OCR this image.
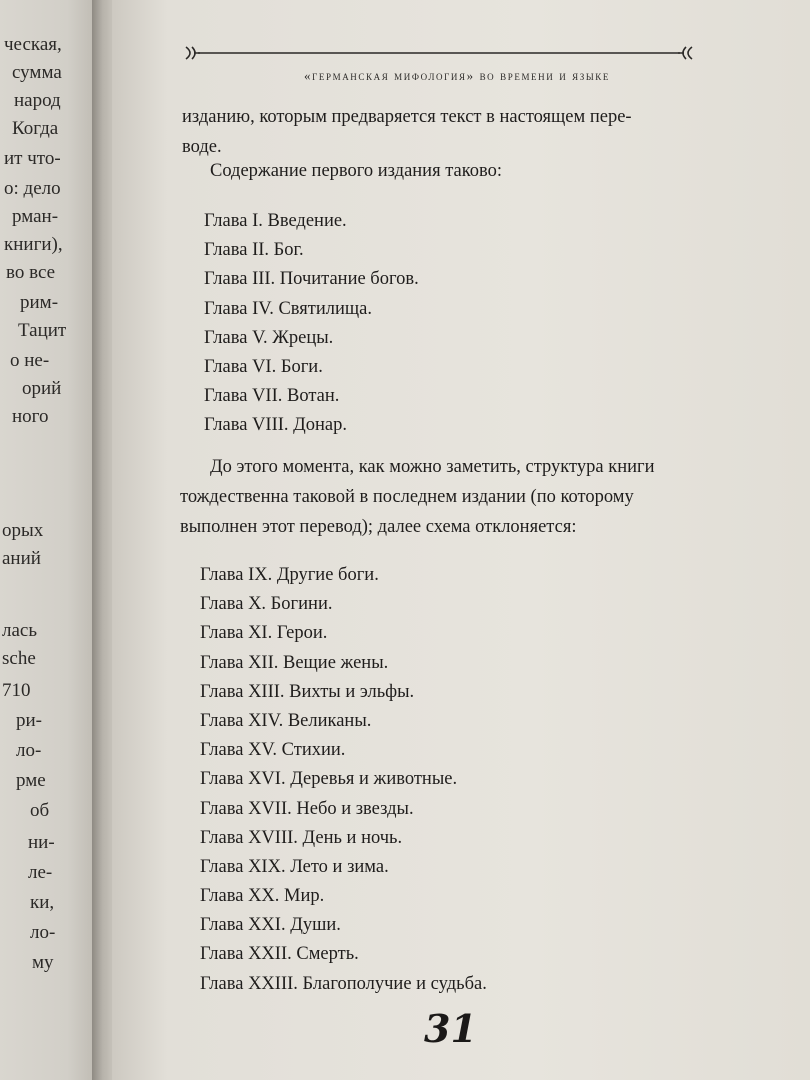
ческая,
сумма
народ
Когда
ит что-
о: дело
рман-
книги),
во все
рим-
Тацит
о не-
орий
ного
орых
аний
лась
sche
710
ри-
ло-
рме
об
ни-
ле-
ки,
ло-
му
«германская мифология» во времени и языке
изданию, которым предваряется текст в настоящем пере-
воде.
Содержание первого издания таково:
Глава I. Введение.
Глава II. Бог.
Глава III. Почитание богов.
Глава IV. Святилища.
Глава V. Жрецы.
Глава VI. Боги.
Глава VII. Вотан.
Глава VIII. Донар.
До этого момента, как можно заметить, структура книги
тождественна таковой в последнем издании (по которому
выполнен этот перевод); далее схема отклоняется:
Глава IX. Другие боги.
Глава X. Богини.
Глава XI. Герои.
Глава XII. Вещие жены.
Глава XIII. Вихты и эльфы.
Глава XIV. Великаны.
Глава XV. Стихии.
Глава XVI. Деревья и животные.
Глава XVII. Небо и звезды.
Глава XVIII. День и ночь.
Глава XIX. Лето и зима.
Глава XX. Мир.
Глава XXI. Души.
Глава XXII. Смерть.
Глава XXIII. Благополучие и судьба.
31
